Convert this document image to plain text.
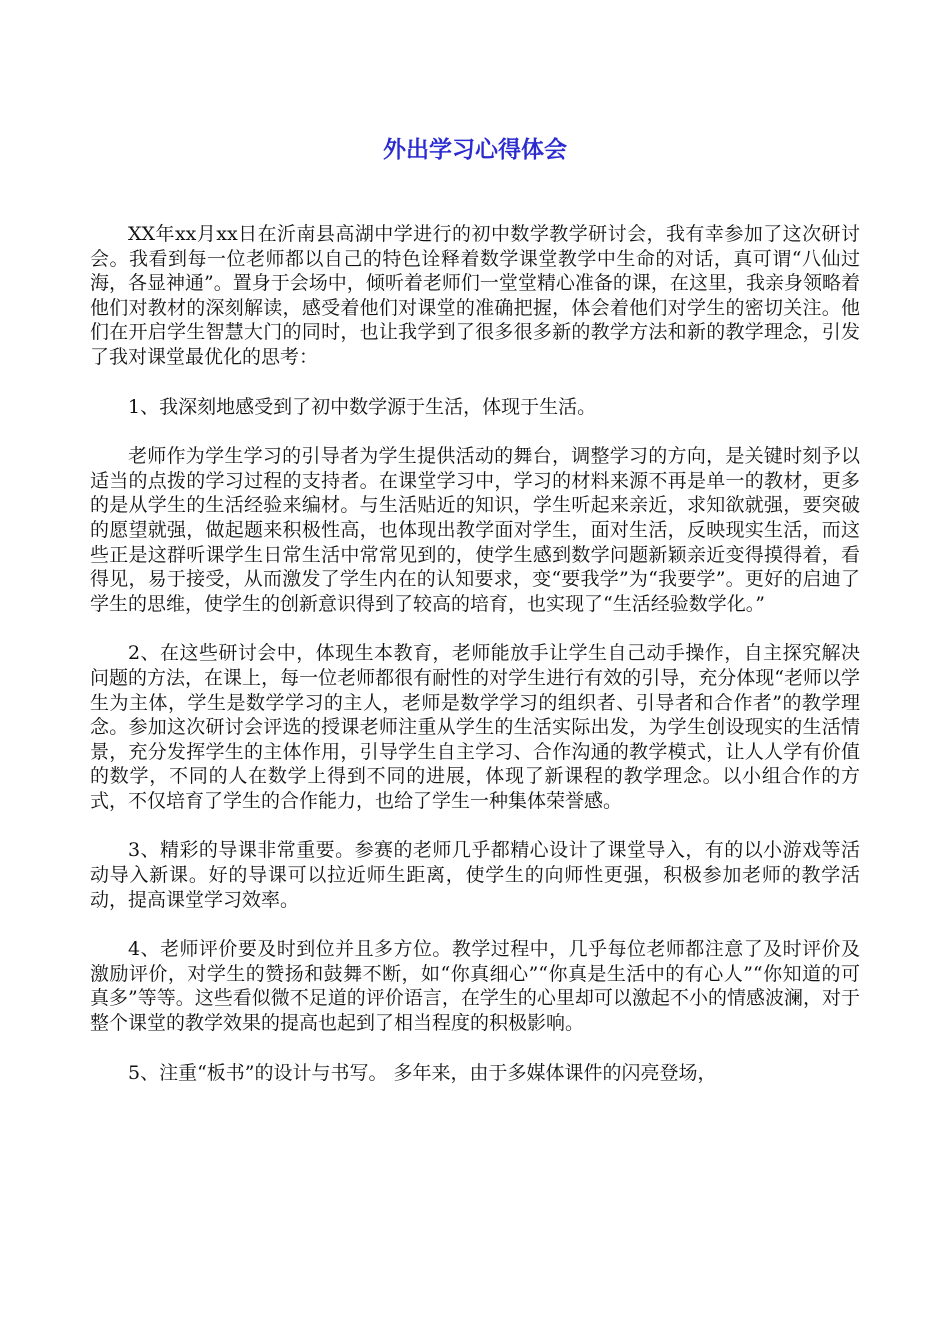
外出学习心得体会

XX年xx月xx日在沂南县高湖中学进行的初中数学教学研讨会，我有幸参加了这次研讨会。我看到每一位老师都以自己的特色诠释着数学课堂教学中生命的对话，真可谓“八仙过海，各显神通”。置身于会场中，倾听着老师们一堂堂精心准备的课，在这里，我亲身领略着他们对教材的深刻解读，感受着他们对课堂的准确把握，体会着他们对学生的密切关注。他们在开启学生智慧大门的同时，也让我学到了很多很多新的教学方法和新的教学理念，引发了我对课堂最优化的思考：

1、我深刻地感受到了初中数学源于生活，体现于生活。

老师作为学生学习的引导者为学生提供活动的舞台，调整学习的方向，是关键时刻予以适当的点拨的学习过程的支持者。在课堂学习中，学习的材料来源不再是单一的教材，更多的是从学生的生活经验来编材。与生活贴近的知识，学生听起来亲近，求知欲就强，要突破的愿望就强，做起题来积极性高，也体现出教学面对学生，面对生活，反映现实生活，而这些正是这群听课学生日常生活中常常见到的，使学生感到数学问题新颖亲近变得摸得着，看得见，易于接受，从而激发了学生内在的认知要求，变“要我学”为“我要学”。更好的启迪了学生的思维，使学生的创新意识得到了较高的培育，也实现了“生活经验数学化。”

2、在这些研讨会中，体现生本教育，老师能放手让学生自己动手操作，自主探究解决问题的方法，在课上，每一位老师都很有耐性的对学生进行有效的引导，充分体现“老师以学生为主体，学生是数学学习的主人，老师是数学学习的组织者、引导者和合作者”的教学理念。参加这次研讨会评选的授课老师注重从学生的生活实际出发，为学生创设现实的生活情景，充分发挥学生的主体作用，引导学生自主学习、合作沟通的教学模式，让人人学有价值的数学，不同的人在数学上得到不同的进展，体现了新课程的教学理念。以小组合作的方式，不仅培育了学生的合作能力，也给了学生一种集体荣誉感。

3、精彩的导课非常重要。参赛的老师几乎都精心设计了课堂导入，有的以小游戏等活动导入新课。好的导课可以拉近师生距离，使学生的向师性更强，积极参加老师的教学活动，提高课堂学习效率。

4、老师评价要及时到位并且多方位。教学过程中，几乎每位老师都注意了及时评价及激励评价，对学生的赞扬和鼓舞不断，如“你真细心”“你真是生活中的有心人”“你知道的可真多”等等。这些看似微不足道的评价语言，在学生的心里却可以激起不小的情感波澜，对于整个课堂的教学效果的提高也起到了相当程度的积极影响。

5、注重“板书”的设计与书写。 多年来，由于多媒体课件的闪亮登场，
